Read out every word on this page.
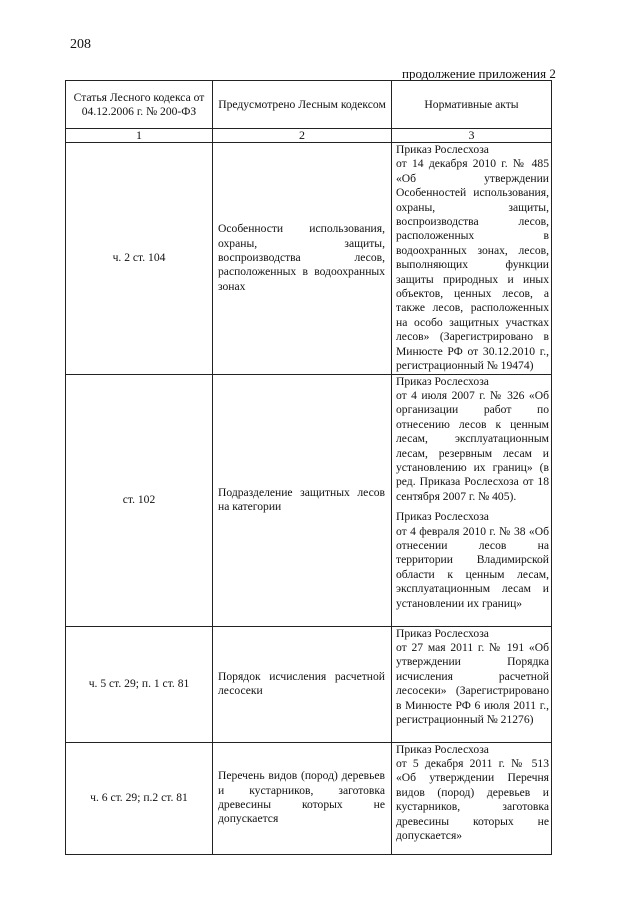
208
продолжение приложения 2
Статья Лесного кодекса от 04.12.2006 г. № 200-ФЗ	Предусмотрено Лесным кодексом	Нормативные акты
1	2	3
ч. 2 ст. 104	Особенности использования, охраны, защиты, воспроизводства лесов, расположенных в водоохранных зонах	Приказ Рослесхоза
от 14 декабря 2010 г. № 485 «Об утверждении Особенностей использования, охраны, защиты, воспроизводства лесов, расположенных в водоохранных зонах, лесов, выполняющих функции защиты природных и иных объектов, ценных лесов, а также лесов, расположенных на особо защитных участках лесов» (Зарегистрировано в Минюсте РФ от 30.12.2010 г., регистрационный № 19474)

ст. 102	Подразделение защитных лесов на категории	Приказ Рослесхоза
от 4 июля 2007 г. № 326 «Об организации работ по отнесению лесов к ценным лесам, эксплуатационным лесам, резервным лесам и установлению их границ» (в ред. Приказа Рослесхоза от 18 сентября 2007 г. № 405).
Приказ Рослесхоза
от 4 февраля 2010 г. № 38 «Об отнесении лесов на территории Владимирской области к ценным лесам, эксплуатационным лесам и установлении их границ»

ч. 5 ст. 29; п. 1 ст. 81	Порядок исчисления расчетной лесосеки	Приказ Рослесхоза
от 27 мая 2011 г. № 191 «Об утверждении Порядка исчисления расчетной лесосеки» (Зарегистрировано в Минюсте РФ 6 июля 2011 г., регистрационный № 21276)

ч. 6 ст. 29; п.2 ст. 81	Перечень видов (пород) деревьев и кустарников, заготовка древесины которых не допускается	Приказ Рослесхоза
от 5 декабря 2011 г. № 513 «Об утверждении Перечня видов (пород) деревьев и кустарников, заготовка древесины которых не допускается»
